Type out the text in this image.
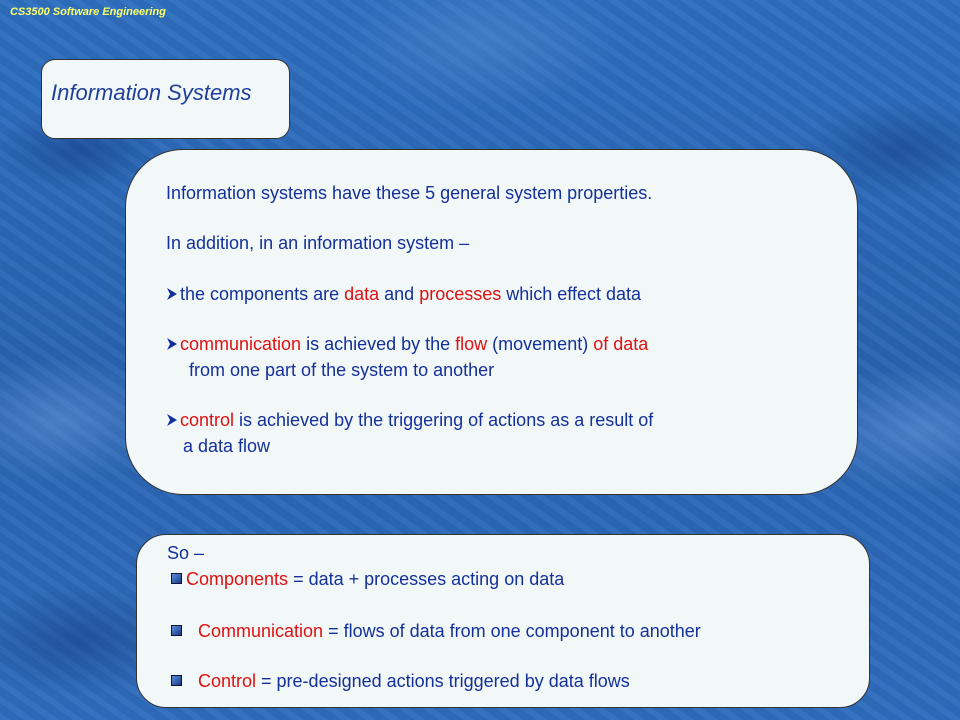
CS3500 Software Engineering
Information Systems
Information systems have these 5 general system properties.
In addition, in an information system –
the components are data and processes which effect data
communication is achieved by the flow (movement) of data
from one part of the system to another
control is achieved by the triggering of actions as a result of
a data flow
So –
Components = data + processes acting on data
Communication = flows of data from one component to another
Control = pre-designed actions triggered by data flows
